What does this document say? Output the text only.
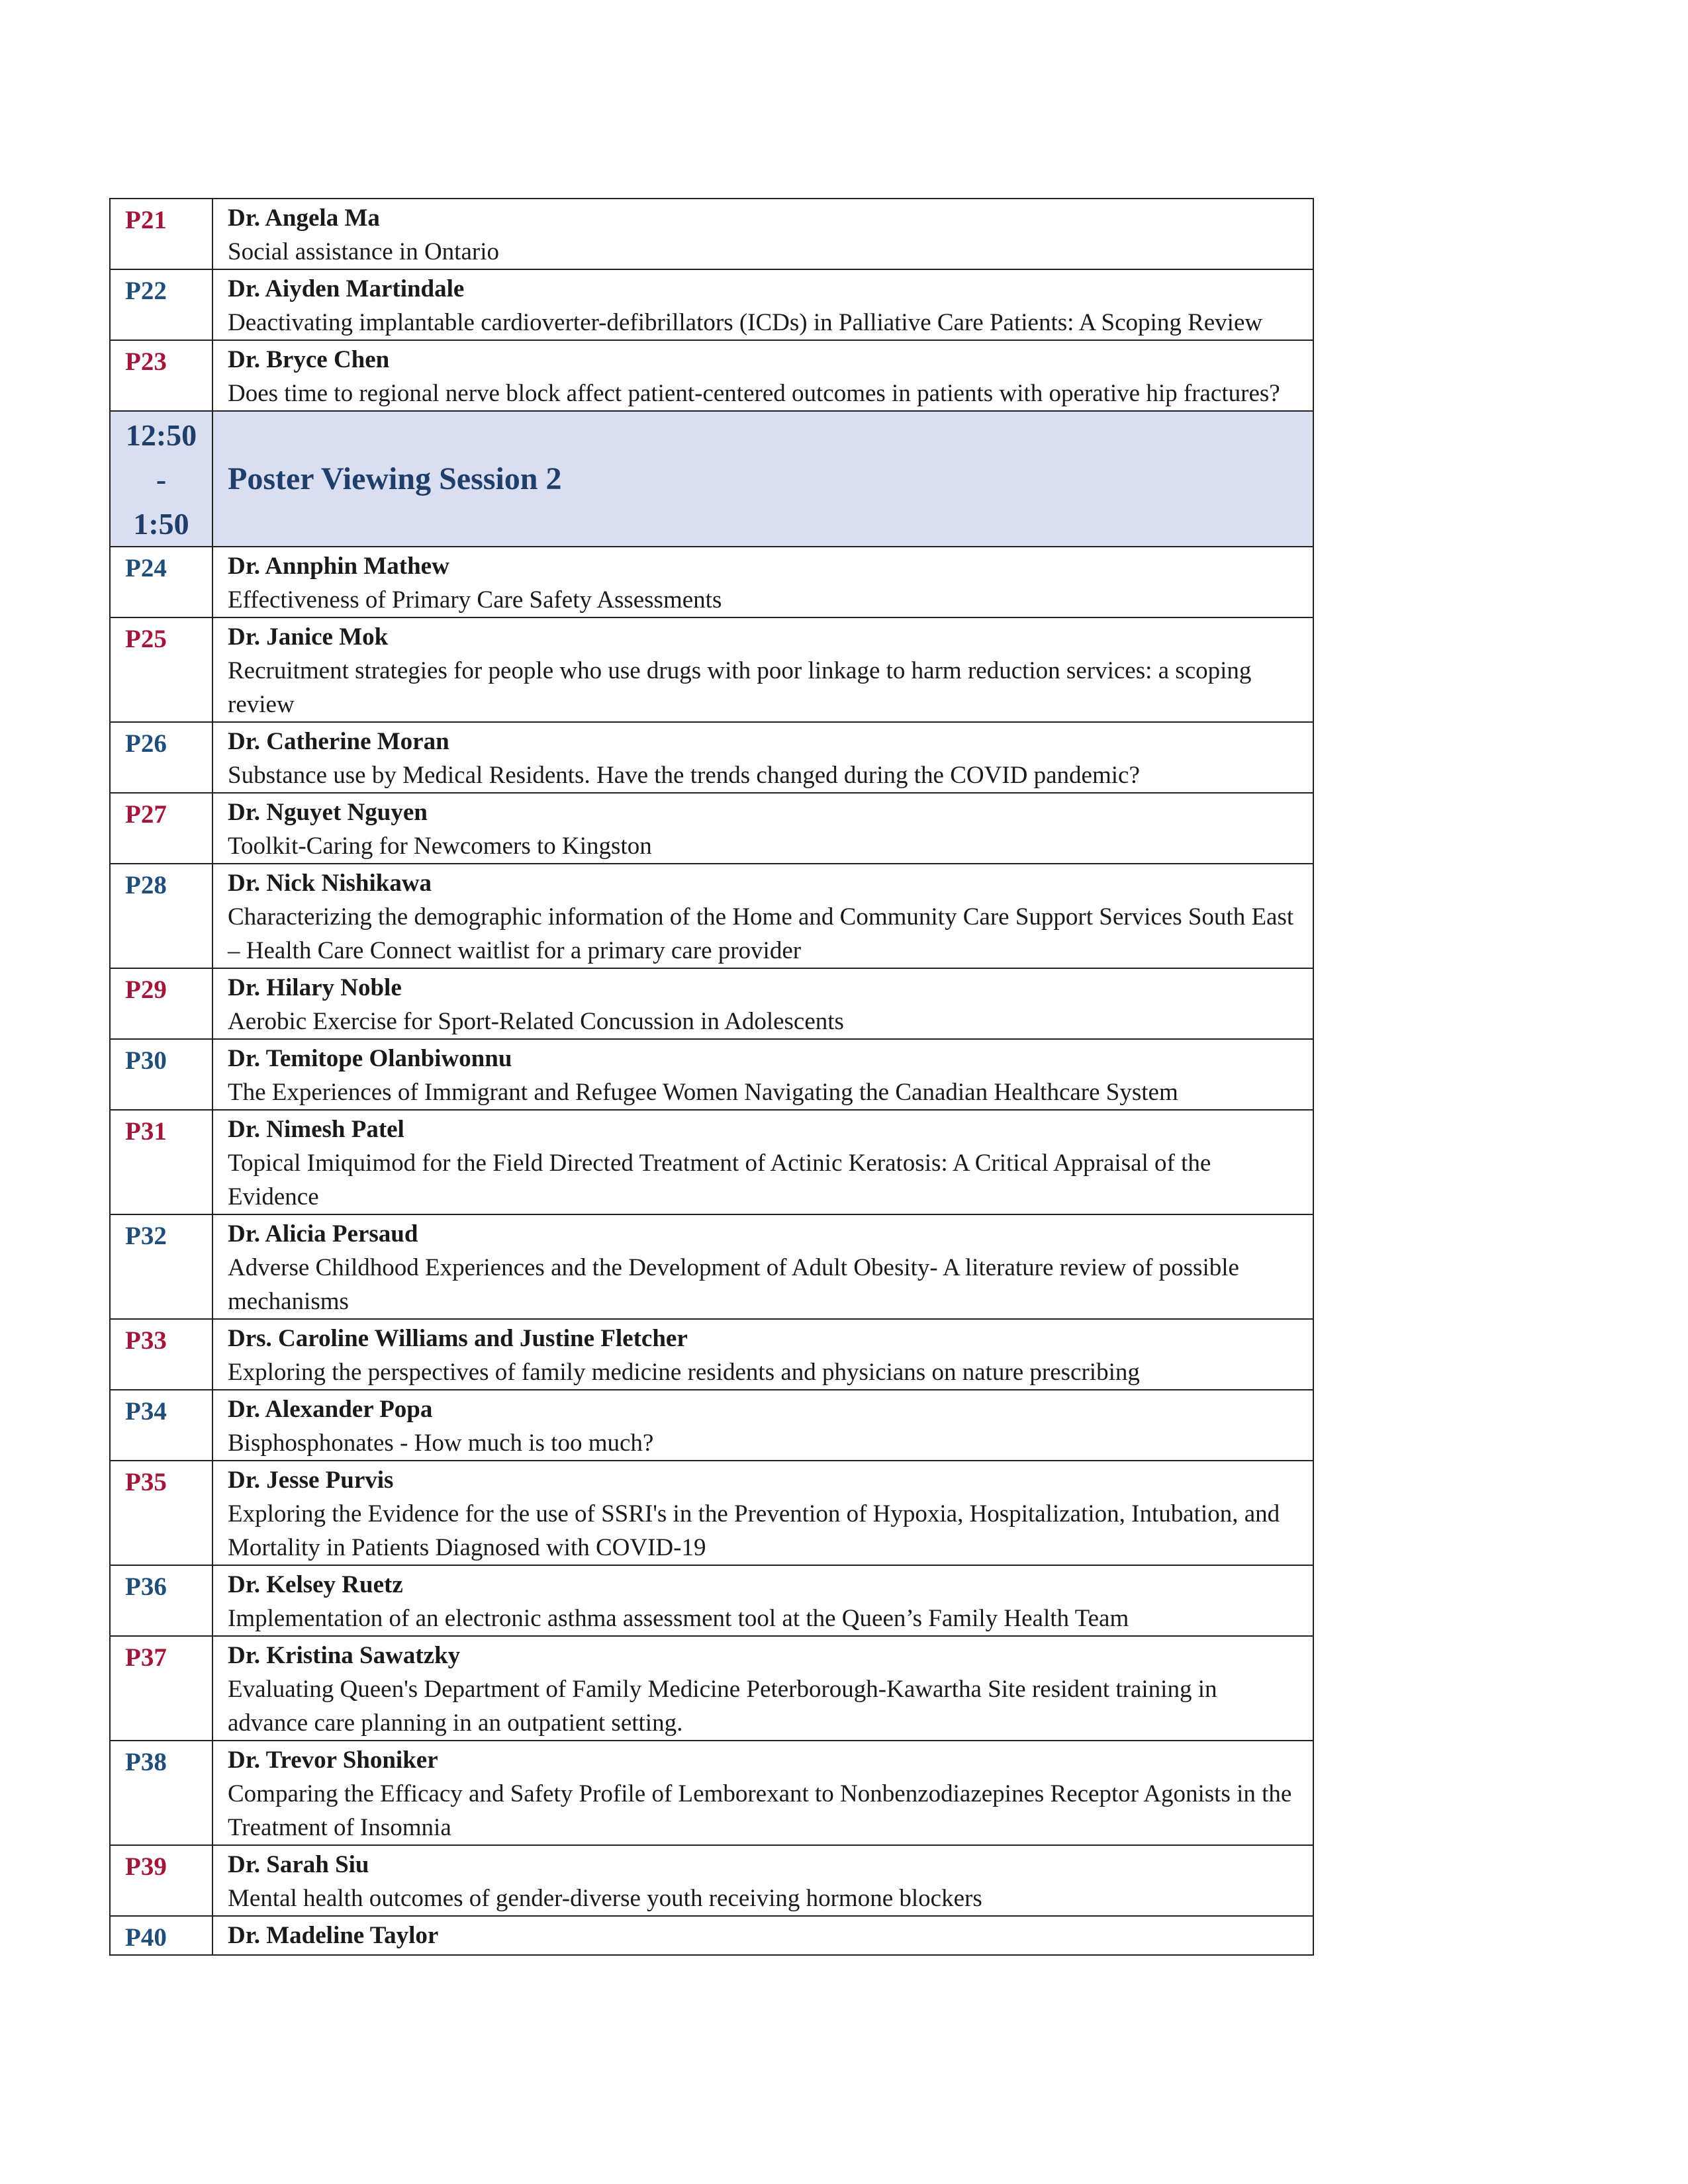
P21	Dr. Angela Ma
Social assistance in Ontario

P22	Dr. Aiyden Martindale
Deactivating implantable cardioverter-defibrillators (ICDs) in Palliative Care Patients: A Scoping Review

P23	Dr. Bryce Chen
Does time to regional nerve block affect patient-centered outcomes in patients with operative hip fractures?

12:50
-
1:50	Poster Viewing Session 2
P24	Dr. Annphin Mathew
Effectiveness of Primary Care Safety Assessments

P25	Dr. Janice Mok
Recruitment strategies for people who use drugs with poor linkage to harm reduction services: a scoping review

P26	Dr. Catherine Moran
Substance use by Medical Residents. Have the trends changed during the COVID pandemic?

P27	Dr. Nguyet Nguyen
Toolkit-Caring for Newcomers to Kingston

P28	Dr. Nick Nishikawa
Characterizing the demographic information of the Home and Community Care Support Services South East – Health Care Connect waitlist for a primary care provider

P29	Dr. Hilary Noble
Aerobic Exercise for Sport-Related Concussion in Adolescents

P30	Dr. Temitope Olanbiwonnu
The Experiences of Immigrant and Refugee Women Navigating the Canadian Healthcare System

P31	Dr. Nimesh Patel
Topical Imiquimod for the Field Directed Treatment of Actinic Keratosis: A Critical Appraisal of the Evidence

P32	Dr. Alicia Persaud
Adverse Childhood Experiences and the Development of Adult Obesity- A literature review of possible mechanisms

P33	Drs. Caroline Williams and Justine Fletcher
Exploring the perspectives of family medicine residents and physicians on nature prescribing

P34	Dr. Alexander Popa
Bisphosphonates - How much is too much?

P35	Dr. Jesse Purvis
Exploring the Evidence for the use of SSRI's in the Prevention of Hypoxia, Hospitalization, Intubation, and Mortality in Patients Diagnosed with COVID-19

P36	Dr. Kelsey Ruetz
Implementation of an electronic asthma assessment tool at the Queen’s Family Health Team

P37	Dr. Kristina Sawatzky
Evaluating Queen's Department of Family Medicine Peterborough-Kawartha Site resident training in advance care planning in an outpatient setting.

P38	Dr. Trevor Shoniker
Comparing the Efficacy and Safety Profile of Lemborexant to Nonbenzodiazepines Receptor Agonists in the Treatment of Insomnia

P39	Dr. Sarah Siu
Mental health outcomes of gender-diverse youth receiving hormone blockers

P40	Dr. Madeline Taylor
